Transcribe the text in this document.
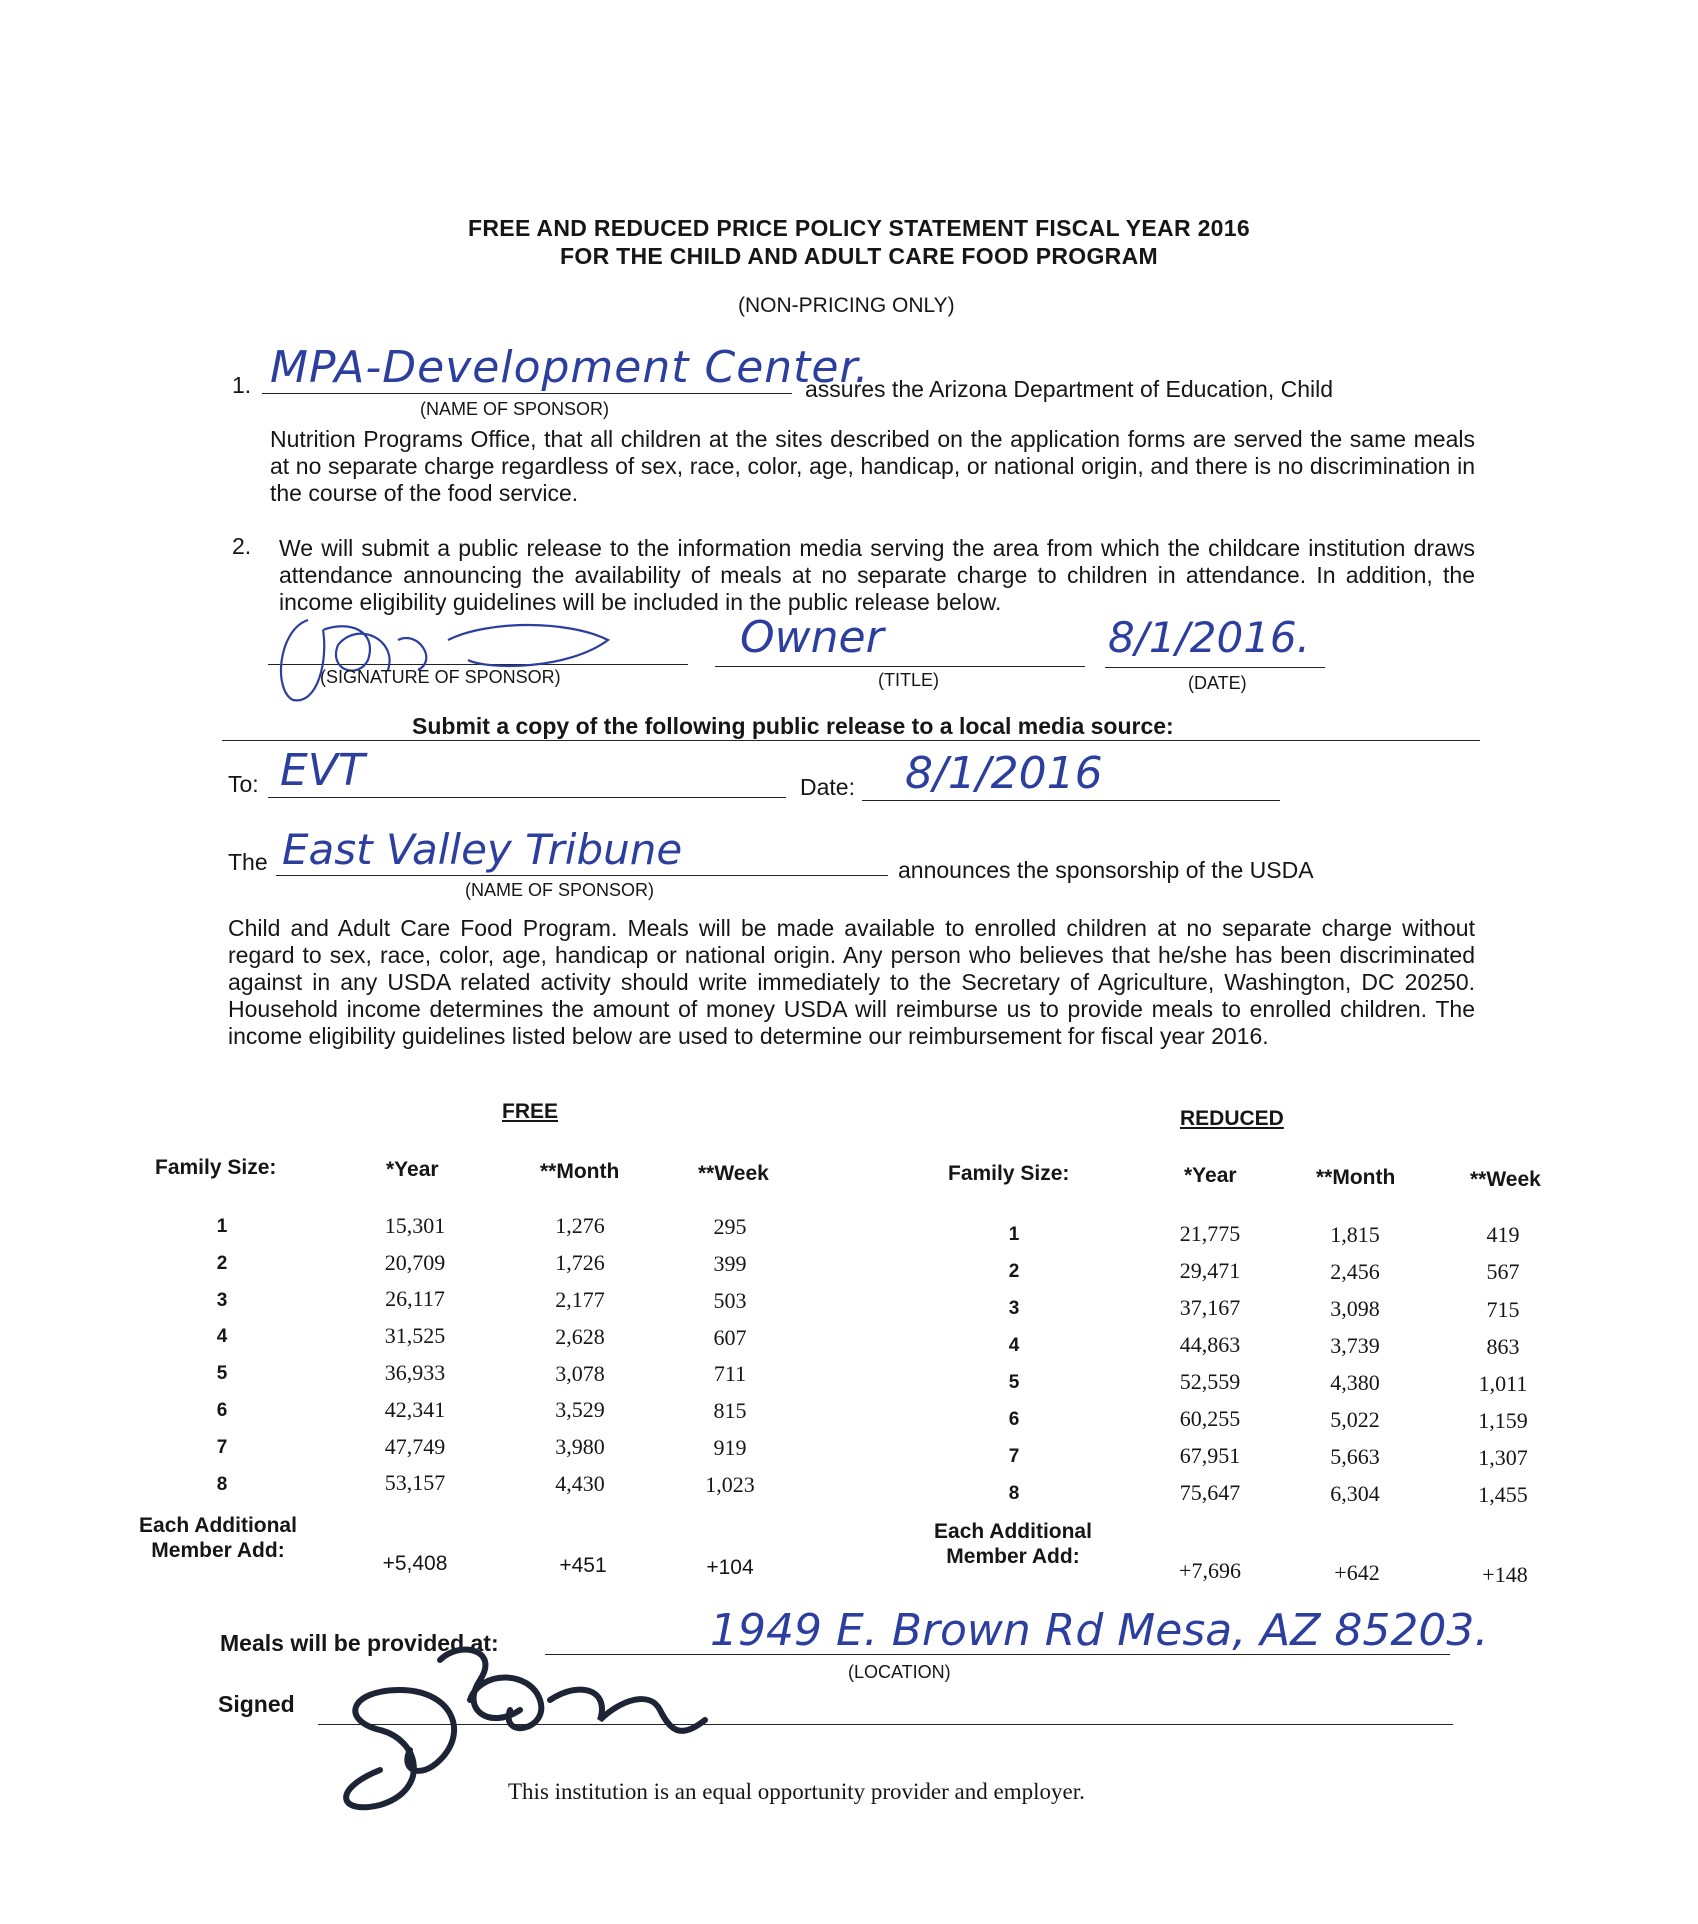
FREE AND REDUCED PRICE POLICY STATEMENT FISCAL YEAR 2016
FOR THE CHILD AND ADULT CARE FOOD PROGRAM
(NON-PRICING ONLY)
1. MPA-Development Center.
(NAME OF SPONSOR)
assures the Arizona Department of Education, Child
Nutrition Programs Office, that all children at the sites described on the application forms are served the same meals at no separate charge regardless of sex, race, color, age, handicap, or national origin, and there is no discrimination in the course of the food service.
2. We will submit a public release to the information media serving the area from which the childcare institution draws attendance announcing the availability of meals at no separate charge to children in attendance. In addition, the income eligibility guidelines will be included in the public release below.
(SIGNATURE OF SPONSOR)
Owner
(TITLE)
8/1/2016.
(DATE)
Submit a copy of the following public release to a local media source:
To: EVT	Date: 8/1/2016
The East Valley Tribune
(NAME OF SPONSOR)
announces the sponsorship of the USDA
Child and Adult Care Food Program. Meals will be made available to enrolled children at no separate charge without regard to sex, race, color, age, handicap or national origin. Any person who believes that he/she has been discriminated against in any USDA related activity should write immediately to the Secretary of Agriculture, Washington, DC 20250. Household income determines the amount of money USDA will reimburse us to provide meals to enrolled children. The income eligibility guidelines listed below are used to determine our reimbursement for fiscal year 2016.
FREE
Family Size:	*Year	**Month	**Week
1	15,301	1,276	295
2	20,709	1,726	399
3	26,117	2,177	503
4	31,525	2,628	607
5	36,933	3,078	711
6	42,341	3,529	815
7	47,749	3,980	919
8	53,157	4,430	1,023
Each Additional
Member Add:
+5,408	+451	+104
REDUCED
Family Size:	*Year	**Month	**Week
1	21,775	1,815	419
2	29,471	2,456	567
3	37,167	3,098	715
4	44,863	3,739	863
5	52,559	4,380	1,011
6	60,255	5,022	1,159
7	67,951	5,663	1,307
8	75,647	6,304	1,455
Each Additional
Member Add:
+7,696	+642	+148
Meals will be provided at:	1949 E. Brown Rd Mesa, AZ 85203.
(LOCATION)
Signed
This institution is an equal opportunity provider and employer.
